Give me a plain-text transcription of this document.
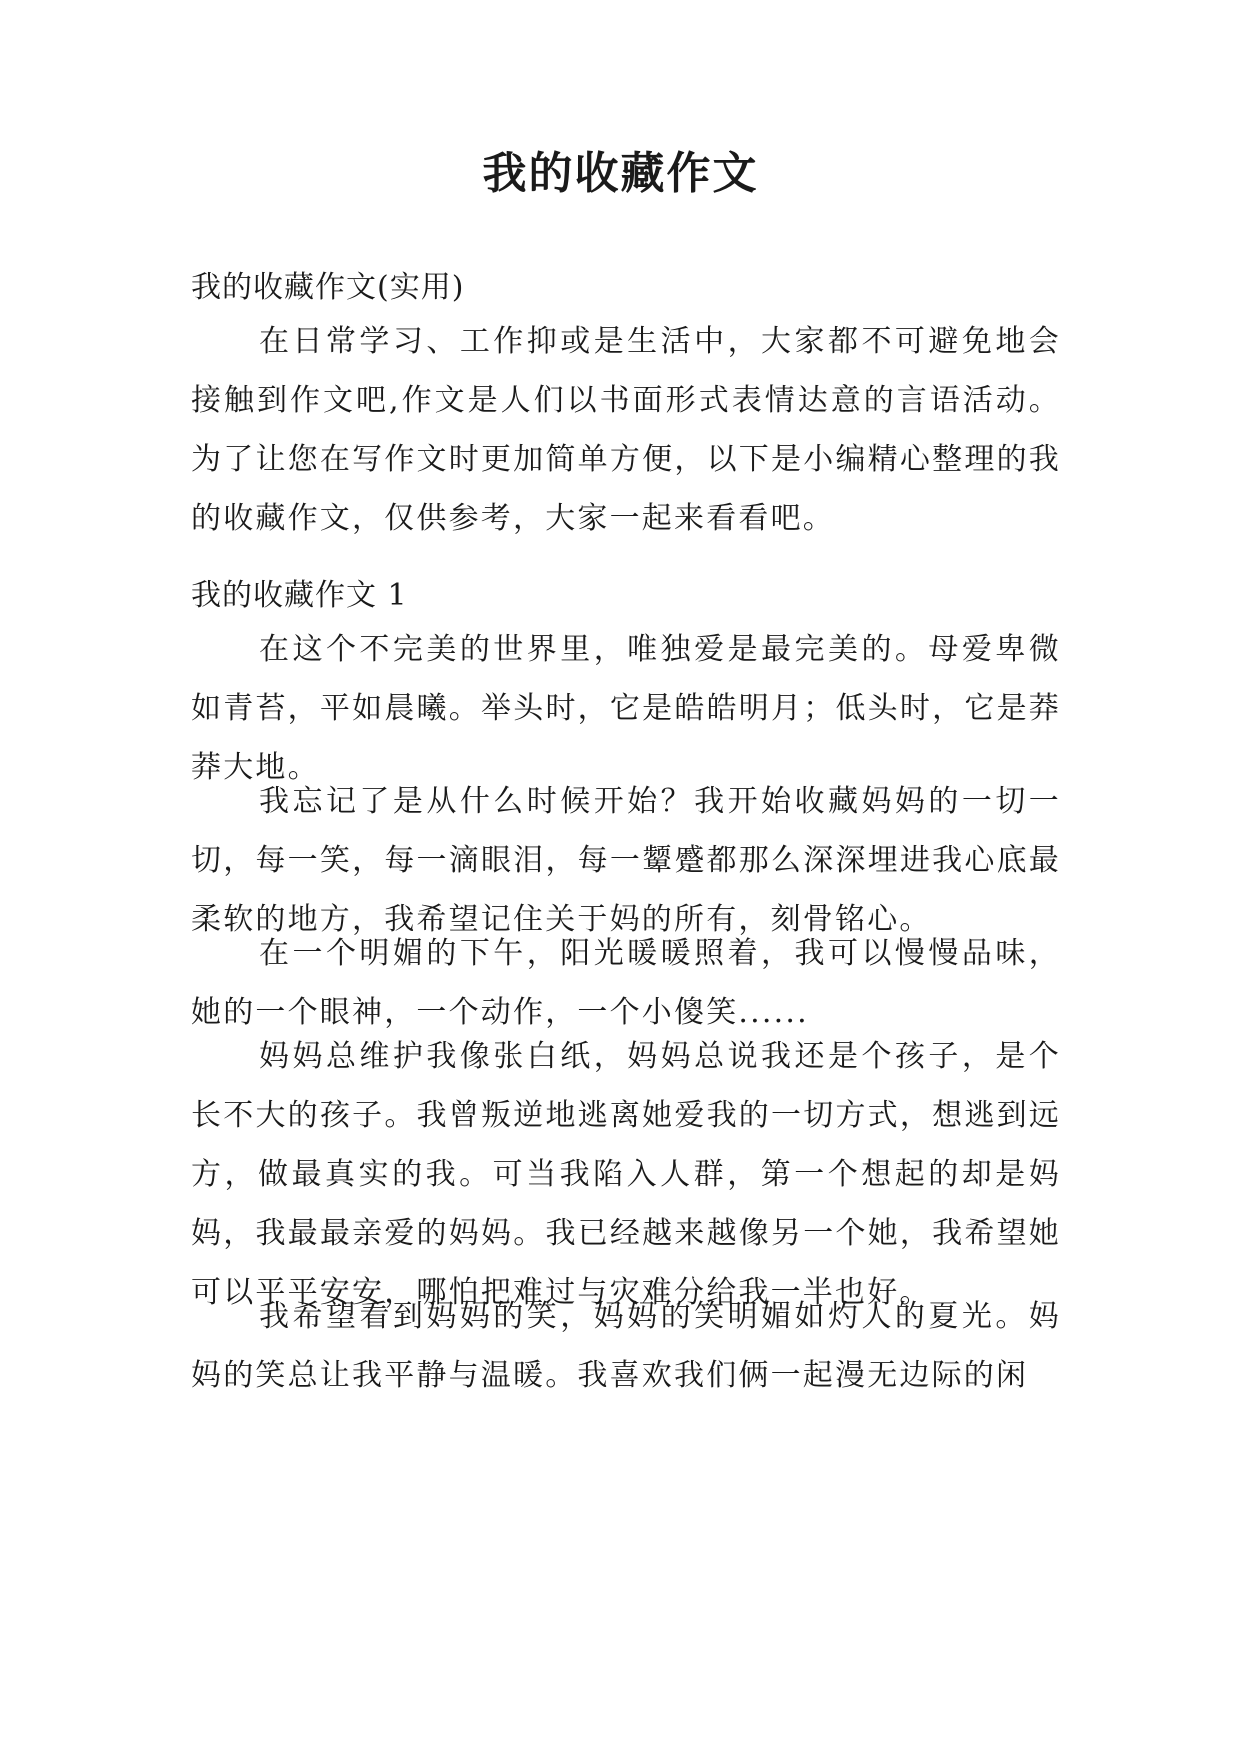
我的收藏作文
我的收藏作文(实用)
在日常学习、工作抑或是生活中，大家都不可避免地会接触到作文吧,作文是人们以书面形式表情达意的言语活动。为了让您在写作文时更加简单方便，以下是小编精心整理的我的收藏作文，仅供参考，大家一起来看看吧。
我的收藏作文 1
在这个不完美的世界里，唯独爱是最完美的。母爱卑微如青苔，平如晨曦。举头时，它是皓皓明月；低头时，它是莽莽大地。
我忘记了是从什么时候开始？我开始收藏妈妈的一切一切，每一笑，每一滴眼泪，每一颦蹙都那么深深埋进我心底最柔软的地方，我希望记住关于妈的所有，刻骨铭心。
在一个明媚的下午，阳光暖暖照着，我可以慢慢品味，她的一个眼神，一个动作，一个小傻笑......
妈妈总维护我像张白纸，妈妈总说我还是个孩子，是个长不大的孩子。我曾叛逆地逃离她爱我的一切方式，想逃到远方，做最真实的我。可当我陷入人群，第一个想起的却是妈妈，我最最亲爱的妈妈。我已经越来越像另一个她，我希望她可以平平安安，哪怕把难过与灾难分给我一半也好。
我希望看到妈妈的笑，妈妈的笑明媚如灼人的夏光。妈妈的笑总让我平静与温暖。我喜欢我们俩一起漫无边际的闲
